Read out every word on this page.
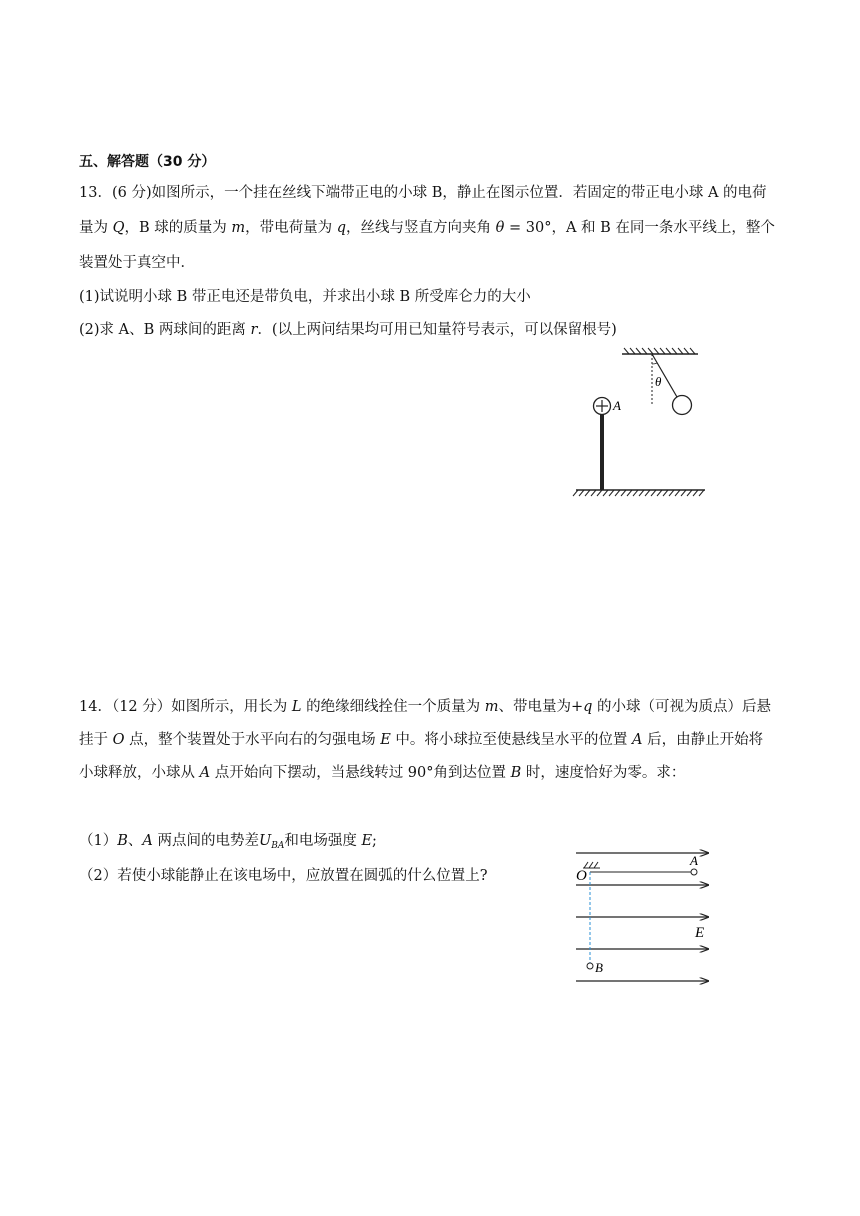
五、解答题（30 分）
13．(6 分)如图所示，一个挂在丝线下端带正电的小球 B，静止在图示位置．若固定的带正电小球 A 的电荷
量为 Q，B 球的质量为 m，带电荷量为 q，丝线与竖直方向夹角 θ = 30°，A 和 B 在同一条水平线上，整个
装置处于真空中．
(1)试说明小球 B 带正电还是带负电，并求出小球 B 所受库仑力的大小
(2)求 A、B 两球间的距离 r．(以上两问结果均可用已知量符号表示，可以保留根号)
θ
A
14．（12 分）如图所示，用长为 L 的绝缘细线拴住一个质量为 m、带电量为+q 的小球（可视为质点）后悬
挂于 O 点，整个装置处于水平向右的匀强电场 E 中。将小球拉至使悬线呈水平的位置 A 后，由静止开始将
小球释放，小球从 A 点开始向下摆动，当悬线转过 90°角到达位置 B 时，速度恰好为零。求：
（1）B、A 两点间的电势差$U_{BA}$和电场强度 E;
（2）若使小球能静止在该电场中，应放置在圆弧的什么位置上?	O
A
B
E
